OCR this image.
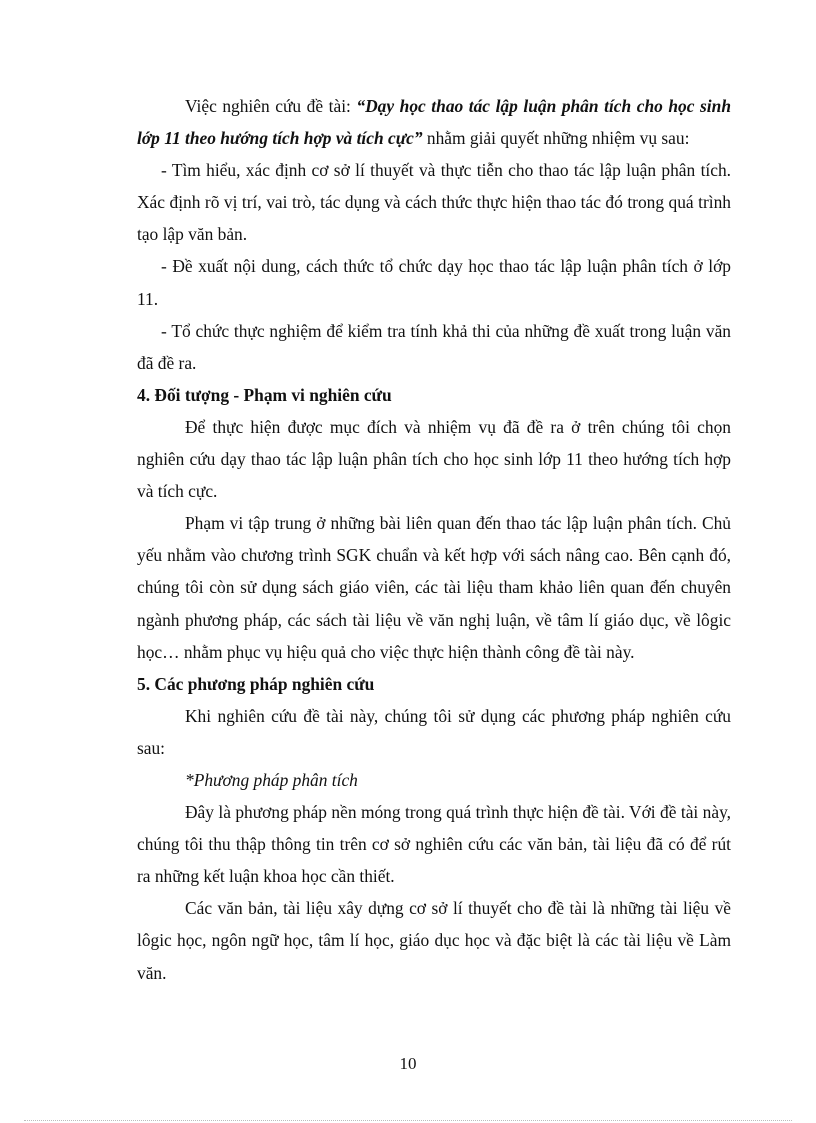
Việc nghiên cứu đề tài: “Dạy học thao tác lập luận phân tích cho học sinh lớp 11 theo hướng tích hợp và tích cực” nhằm giải quyết những nhiệm vụ sau:

- Tìm hiểu, xác định cơ sở lí thuyết và thực tiễn cho thao tác lập luận phân tích. Xác định rõ vị trí, vai trò, tác dụng và cách thức thực hiện thao tác đó trong quá trình tạo lập văn bản.

- Đề xuất nội dung, cách thức tổ chức dạy học thao tác lập luận phân tích ở lớp 11.

- Tổ chức thực nghiệm để kiểm tra tính khả thi của những đề xuất trong luận văn đã đề ra.

4. Đối tượng - Phạm vi nghiên cứu

Để thực hiện được mục đích và nhiệm vụ đã đề ra ở trên chúng tôi chọn nghiên cứu dạy thao tác lập luận phân tích cho học sinh lớp 11 theo hướng tích hợp và tích cực.

Phạm vi tập trung ở những bài liên quan đến thao tác lập luận phân tích. Chủ yếu nhằm vào chương trình SGK chuẩn và kết hợp với sách nâng cao. Bên cạnh đó, chúng tôi còn sử dụng sách giáo viên, các tài liệu tham khảo liên quan đến chuyên ngành phương pháp, các sách tài liệu về văn nghị luận, về tâm lí giáo dục, về lôgic học… nhằm phục vụ hiệu quả cho việc thực hiện thành công đề tài này.

5. Các phương pháp nghiên cứu

Khi nghiên cứu đề tài này, chúng tôi sử dụng các phương pháp nghiên cứu sau:

*Phương pháp phân tích

Đây là phương pháp nền móng trong quá trình thực hiện đề tài. Với đề tài này, chúng tôi thu thập thông tin trên cơ sở nghiên cứu các văn bản, tài liệu đã có để rút ra những kết luận khoa học cần thiết.

Các văn bản, tài liệu xây dựng cơ sở lí thuyết cho đề tài là những tài liệu về lôgic học, ngôn ngữ học, tâm lí học, giáo dục học và đặc biệt là các tài liệu về Làm văn.

10
